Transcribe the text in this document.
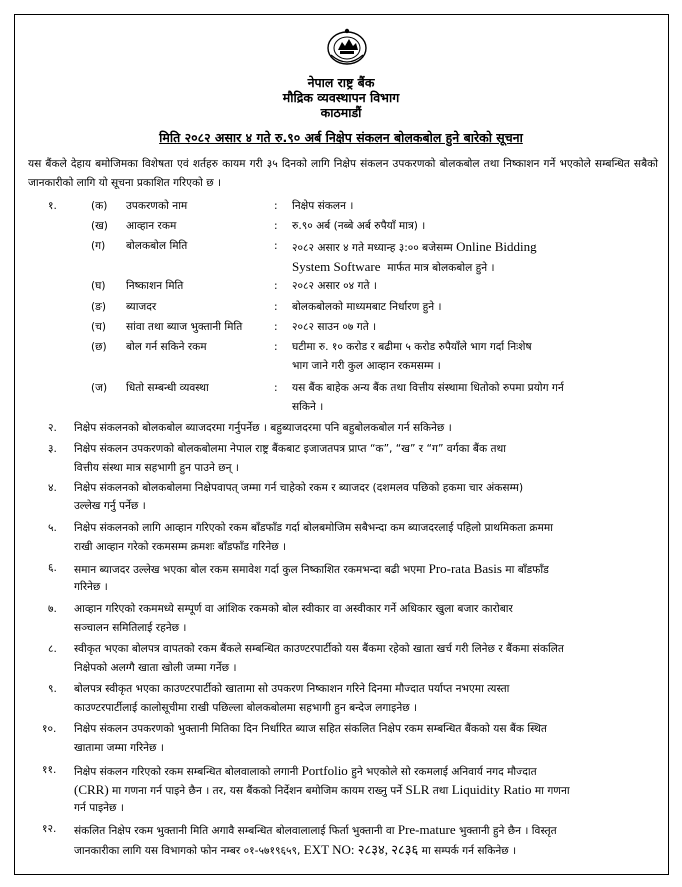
नेपाल राष्ट्र बैंक
मौद्रिक व्यवस्थापन विभाग
काठमाडौं
मिति २०८२ असार ४ गते रु.९० अर्ब निक्षेप संकलन बोलकबोल हुने बारेको सूचना
यस बैंकले देहाय बमोजिमका विशेषता एवं शर्तहरु कायम गरी ३५ दिनको लागि निक्षेप संकलन उपकरणको बोलकबोल तथा निष्काशन गर्ने भएकोले सम्बन्धित सबैको जानकारीको लागि यो सूचना प्रकाशित गरिएको छ ।
१.	(क) उपकरणको नाम	: निक्षेप संकलन ।
(ख) आव्हान रकम	: रु.९० अर्ब (नब्बे अर्ब रुपैयाँ मात्र) ।
(ग) बोलकबोल मिति	: २०८२ असार ४ गते मध्यान्ह ३:०० बजेसम्म Online Bidding
System Software मार्फत मात्र बोलकबोल हुने ।
(घ) निष्काशन मिति	: २०८२ असार ०४ गते ।
(ङ) ब्याजदर	: बोलकबोलको माध्यमबाट निर्धारण हुने ।
(च) सांवा तथा ब्याज भुक्तानी मिति	: २०८२ साउन ०७ गते ।
(छ) बोल गर्न सकिने रकम	: घटीमा रु. १० करोड र बढीमा ५ करोड रुपैयाँले भाग गर्दा निःशेष
भाग जाने गरी कुल आव्हान रकमसम्म ।
(ज) धितो सम्बन्धी व्यवस्था	: यस बैंक बाहेक अन्य बैंक तथा वित्तीय संस्थामा धितोको रुपमा प्रयोग गर्न
सकिने ।
२. निक्षेप संकलनको बोलकबोल ब्याजदरमा गर्नुपर्नेछ । बहुब्याजदरमा पनि बहुबोलकबोल गर्न सकिनेछ ।
३. निक्षेप संकलन उपकरणको बोलकबोलमा नेपाल राष्ट्र बैंकबाट इजाजतपत्र प्राप्त “क”, “ख” र “ग” वर्गका बैंक तथा
वित्तीय संस्था मात्र सहभागी हुन पाउने छन् ।
४. निक्षेप संकलनको बोलकबोलमा निक्षेपवापत् जम्मा गर्न चाहेको रकम र ब्याजदर (दशमलव पछिको हकमा चार अंकसम्म)
उल्लेख गर्नु पर्नेछ ।
५. निक्षेप संकलनको लागि आव्हान गरिएको रकम बाँडफाँड गर्दा बोलबमोजिम सबैभन्दा कम ब्याजदरलाई पहिलो प्राथमिकता क्रममा
राखी आव्हान गरेको रकमसम्म क्रमशः बाँडफाँड गरिनेछ ।
६. समान ब्याजदर उल्लेख भएका बोल रकम समावेश गर्दा कुल निष्काशित रकमभन्दा बढी भएमा Pro-rata Basis मा बाँडफाँड
गरिनेछ ।
७. आव्हान गरिएको रकममध्ये सम्पूर्ण वा आंशिक रकमको बोल स्वीकार वा अस्वीकार गर्ने अधिकार खुला बजार कारोबार
सञ्चालन समितिलाई रहनेछ ।
८. स्वीकृत भएका बोलपत्र वापतको रकम बैंकले सम्बन्धित काउण्टरपार्टीको यस बैंकमा रहेको खाता खर्च गरी लिनेछ र बैंकमा संकलित
निक्षेपको अलग्गै खाता खोली जम्मा गर्नेछ ।
९. बोलपत्र स्वीकृत भएका काउण्टरपार्टीको खातामा सो उपकरण निष्काशन गरिने दिनमा मौज्दात पर्याप्त नभएमा त्यस्ता
काउण्टरपार्टीलाई कालोसूचीमा राखी पछिल्ला बोलकबोलमा सहभागी हुन बन्देज लगाइनेछ ।
१०. निक्षेप संकलन उपकरणको भुक्तानी मितिका दिन निर्धारित ब्याज सहित संकलित निक्षेप रकम सम्बन्धित बैंकको यस बैंक स्थित
खातामा जम्मा गरिनेछ ।
११. निक्षेप संकलन गरिएको रकम सम्बन्धित बोलवालाको लगानी Portfolio हुने भएकोले सो रकमलाई अनिवार्य नगद मौज्दात
(CRR) मा गणना गर्न पाइने छैन । तर, यस बैंकको निर्देशन बमोजिम कायम राख्नु पर्ने SLR तथा Liquidity Ratio मा गणना
गर्न पाइनेछ ।
१२. संकलित निक्षेप रकम भुक्तानी मिति अगावै सम्बन्धित बोलवालालाई फिर्ता भुक्तानी वा Pre-mature भुक्तानी हुने छैन । विस्तृत
जानकारीका लागि यस विभागको फोन नम्बर ०१-५७१९६५९, EXT NO: २८३४, २८३६ मा सम्पर्क गर्न सकिनेछ ।
